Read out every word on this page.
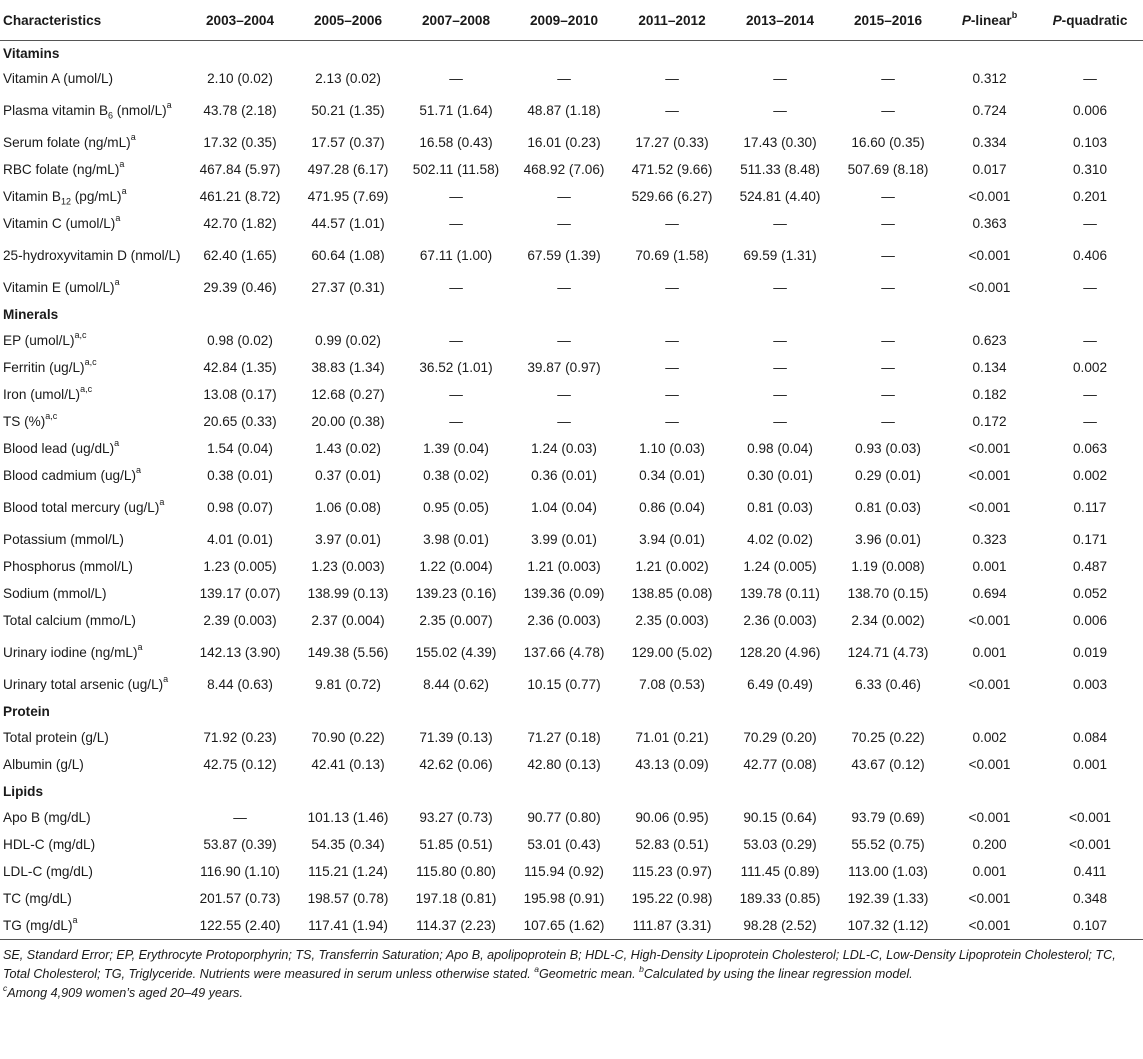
Characteristics	2003–2004	2005–2006	2007–2008	2009–2010	2011–2012	2013–2014	2015–2016	P-linear$^b$	P-quadratic
Vitamins									
Vitamin A (umol/L)	2.10 (0.02)	2.13 (0.02)	—	—	—	—	—	0.312	—
Plasma vitamin $B_6$ (nmol/L)$^a$	43.78 (2.18)	50.21 (1.35)	51.71 (1.64)	48.87 (1.18)	—	—	—	0.724	0.006
Serum folate $(ng/mL)^a$	17.32 (0.35)	17.57 (0.37)	16.58 (0.43)	16.01 (0.23)	17.27 (0.33)	17.43 (0.30)	16.60 (0.35)	0.334	0.103
RBC folate $(ng/mL)^a$	467.84 (5.97)	497.28 (6.17)	502.11 (11.58)	468.92 (7.06)	471.52 (9.66)	511.33 (8.48)	507.69 (8.18)	0.017	0.310
Vitamin $B_{12}$ $(pg/mL)^a$	461.21 (8.72)	471.95 (7.69)	—	—	529.66 (6.27)	524.81 (4.40)	—	<0.001	0.201
Vitamin C (umol/L)$^a$	42.70 (1.82)	44.57 (1.01)	—	—	—	—	—	0.363	—
25-hydroxyvitamin D (nmol/L)	62.40 (1.65)	60.64 (1.08)	67.11 (1.00)	67.59 (1.39)	70.69 (1.58)	69.59 (1.31)	—	<0.001	0.406
Vitamin E (umol/L)$^a$	29.39 (0.46)	27.37 (0.31)	—	—	—	—	—	<0.001	—
Minerals									
EP (umol/L)$^{a,c}$	0.98 (0.02)	0.99 (0.02)	—	—	—	—	—	0.623	—
Ferritin $(ug/L)^{a,c}$	42.84 (1.35)	38.83 (1.34)	36.52 (1.01)	39.87 (0.97)	—	—	—	0.134	0.002
Iron (umol/L)$^{a,c}$	13.08 (0.17)	12.68 (0.27)	—	—	—	—	—	0.182	—
TS (%)$^{a,c}$	20.65 (0.33)	20.00 (0.38)	—	—	—	—	—	0.172	—
Blood lead $(ug/dL)^a$	1.54 (0.04)	1.43 (0.02)	1.39 (0.04)	1.24 (0.03)	1.10 (0.03)	0.98 (0.04)	0.93 (0.03)	<0.001	0.063
Blood cadmium $(ug/L)^a$	0.38 (0.01)	0.37 (0.01)	0.38 (0.02)	0.36 (0.01)	0.34 (0.01)	0.30 (0.01)	0.29 (0.01)	<0.001	0.002
Blood total mercury $(ug/L)^a$	0.98 (0.07)	1.06 (0.08)	0.95 (0.05)	1.04 (0.04)	0.86 (0.04)	0.81 (0.03)	0.81 (0.03)	<0.001	0.117
Potassium (mmol/L)	4.01 (0.01)	3.97 (0.01)	3.98 (0.01)	3.99 (0.01)	3.94 (0.01)	4.02 (0.02)	3.96 (0.01)	0.323	0.171
Phosphorus (mmol/L)	1.23 (0.005)	1.23 (0.003)	1.22 (0.004)	1.21 (0.003)	1.21 (0.002)	1.24 (0.005)	1.19 (0.008)	0.001	0.487
Sodium (mmol/L)	139.17 (0.07)	138.99 (0.13)	139.23 (0.16)	139.36 (0.09)	138.85 (0.08)	139.78 (0.11)	138.70 (0.15)	0.694	0.052
Total calcium (mmo/L)	2.39 (0.003)	2.37 (0.004)	2.35 (0.007)	2.36 (0.003)	2.35 (0.003)	2.36 (0.003)	2.34 (0.002)	<0.001	0.006
Urinary iodine $(ng/mL)^a$	142.13 (3.90)	149.38 (5.56)	155.02 (4.39)	137.66 (4.78)	129.00 (5.02)	128.20 (4.96)	124.71 (4.73)	0.001	0.019
Urinary total arsenic $(ug/L)^a$	8.44 (0.63)	9.81 (0.72)	8.44 (0.62)	10.15 (0.77)	7.08 (0.53)	6.49 (0.49)	6.33 (0.46)	<0.001	0.003
Protein									
Total protein (g/L)	71.92 (0.23)	70.90 (0.22)	71.39 (0.13)	71.27 (0.18)	71.01 (0.21)	70.29 (0.20)	70.25 (0.22)	0.002	0.084
Albumin (g/L)	42.75 (0.12)	42.41 (0.13)	42.62 (0.06)	42.80 (0.13)	43.13 (0.09)	42.77 (0.08)	43.67 (0.12)	<0.001	0.001
Lipids									
Apo B (mg/dL)	—	101.13 (1.46)	93.27 (0.73)	90.77 (0.80)	90.06 (0.95)	90.15 (0.64)	93.79 (0.69)	<0.001	<0.001
HDL-C (mg/dL)	53.87 (0.39)	54.35 (0.34)	51.85 (0.51)	53.01 (0.43)	52.83 (0.51)	53.03 (0.29)	55.52 (0.75)	0.200	<0.001
LDL-C (mg/dL)	116.90 (1.10)	115.21 (1.24)	115.80 (0.80)	115.94 (0.92)	115.23 (0.97)	111.45 (0.89)	113.00 (1.03)	0.001	0.411
TC (mg/dL)	201.57 (0.73)	198.57 (0.78)	197.18 (0.81)	195.98 (0.91)	195.22 (0.98)	189.33 (0.85)	192.39 (1.33)	<0.001	0.348
TG $(mg/dL)^a$	122.55 (2.40)	117.41 (1.94)	114.37 (2.23)	107.65 (1.62)	111.87 (3.31)	98.28 (2.52)	107.32 (1.12)	<0.001	0.107
SE, Standard Error; EP, Erythrocyte Protoporphyrin; TS, Transferrin Saturation; Apo B, apolipoprotein B; HDL-C, High-Density Lipoprotein Cholesterol; LDL-C, Low-Density Lipoprotein Cholesterol; TC, Total Cholesterol; TG, Triglyceride. Nutrients were measured in serum unless otherwise stated. $^a$Geometric mean. $^b$Calculated by using the linear regression model.
$^c$Among 4,909 women’s aged 20–49 years.
